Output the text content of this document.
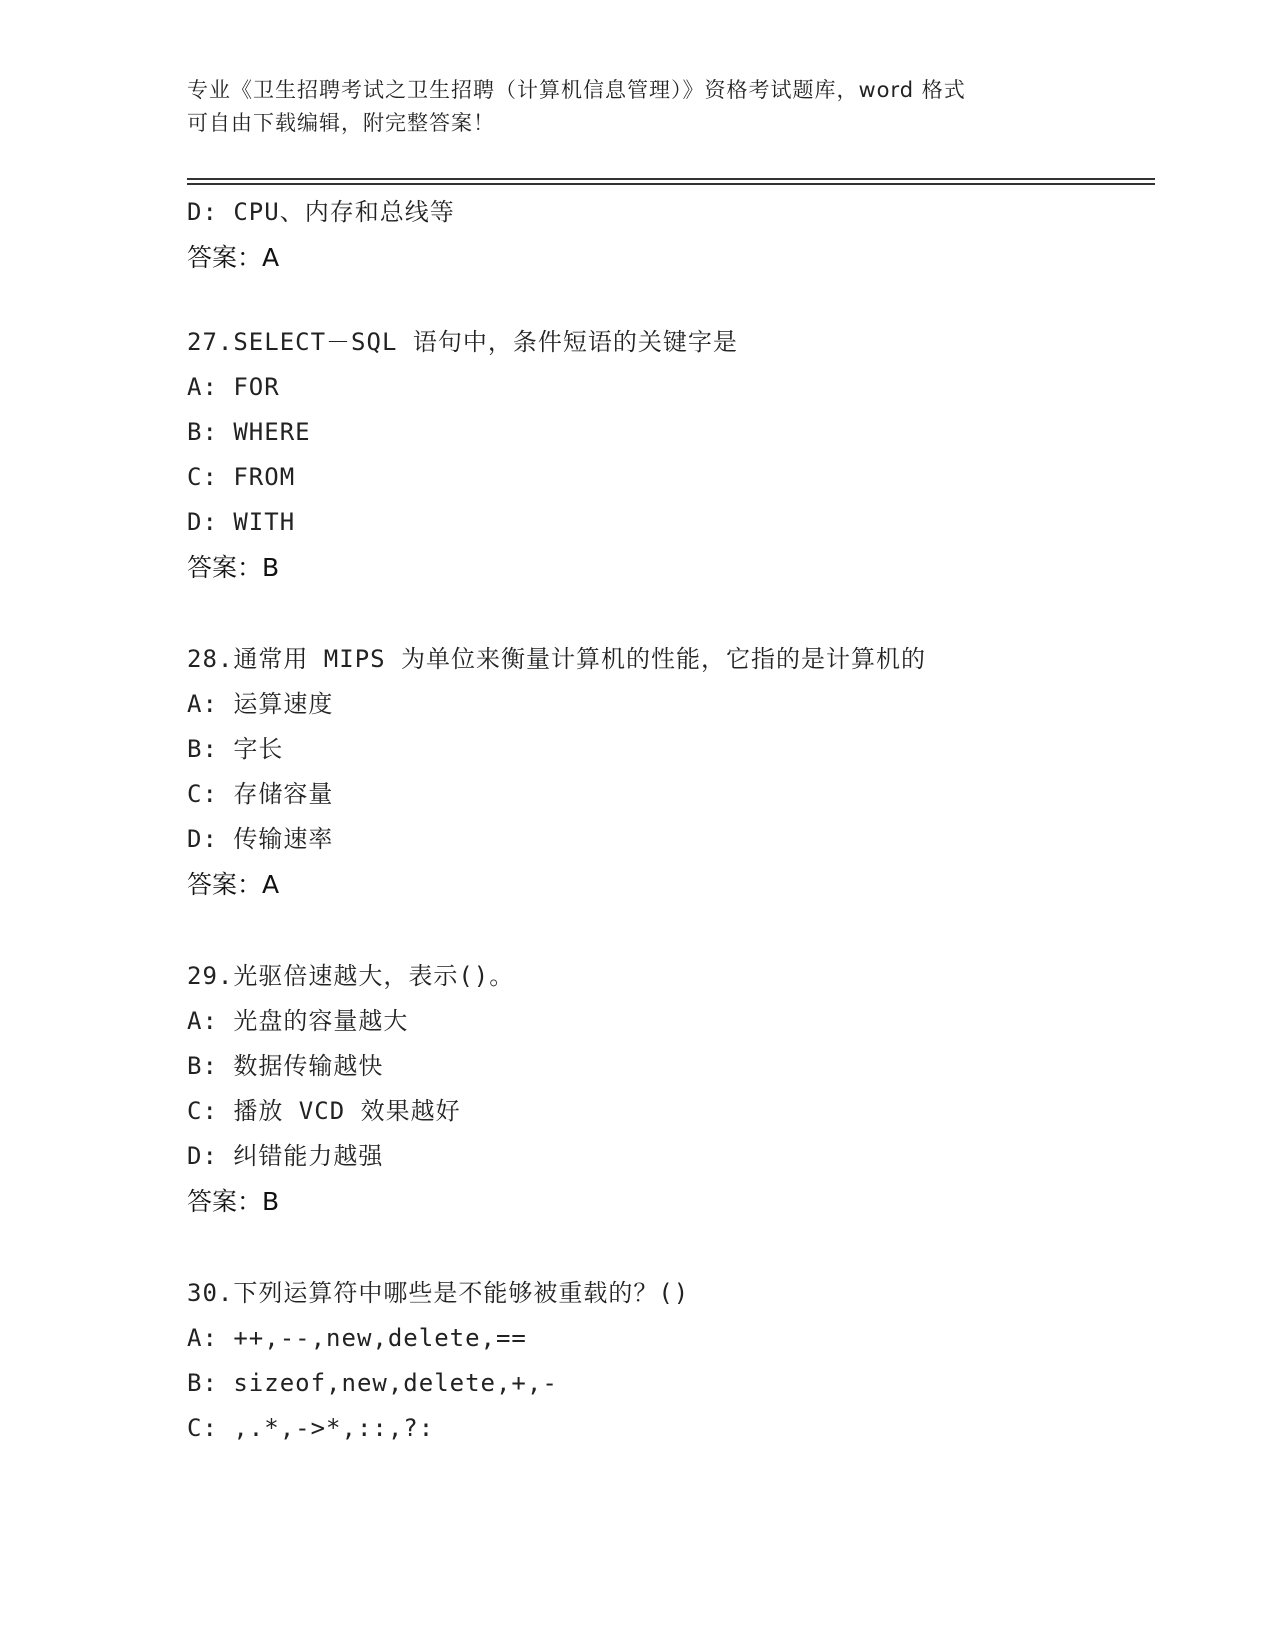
专业《卫生招聘考试之卫生招聘（计算机信息管理）》资格考试题库，word 格式
可自由下载编辑，附完整答案！
D: CPU、内存和总线等
答案：A
27.SELECT－SQL 语句中，条件短语的关键字是
A: FOR
B: WHERE
C: FROM
D: WITH
答案：B
28.通常用 MIPS 为单位来衡量计算机的性能，它指的是计算机的
A: 运算速度
B: 字长
C: 存储容量
D: 传输速率
答案：A
29.光驱倍速越大，表示()。
A: 光盘的容量越大
B: 数据传输越快
C: 播放 VCD 效果越好
D: 纠错能力越强
答案：B
30.下列运算符中哪些是不能够被重载的？()
A: ++,--,new,delete,==
B: sizeof,new,delete,+,-
C: ,.*,->*,::,?:
